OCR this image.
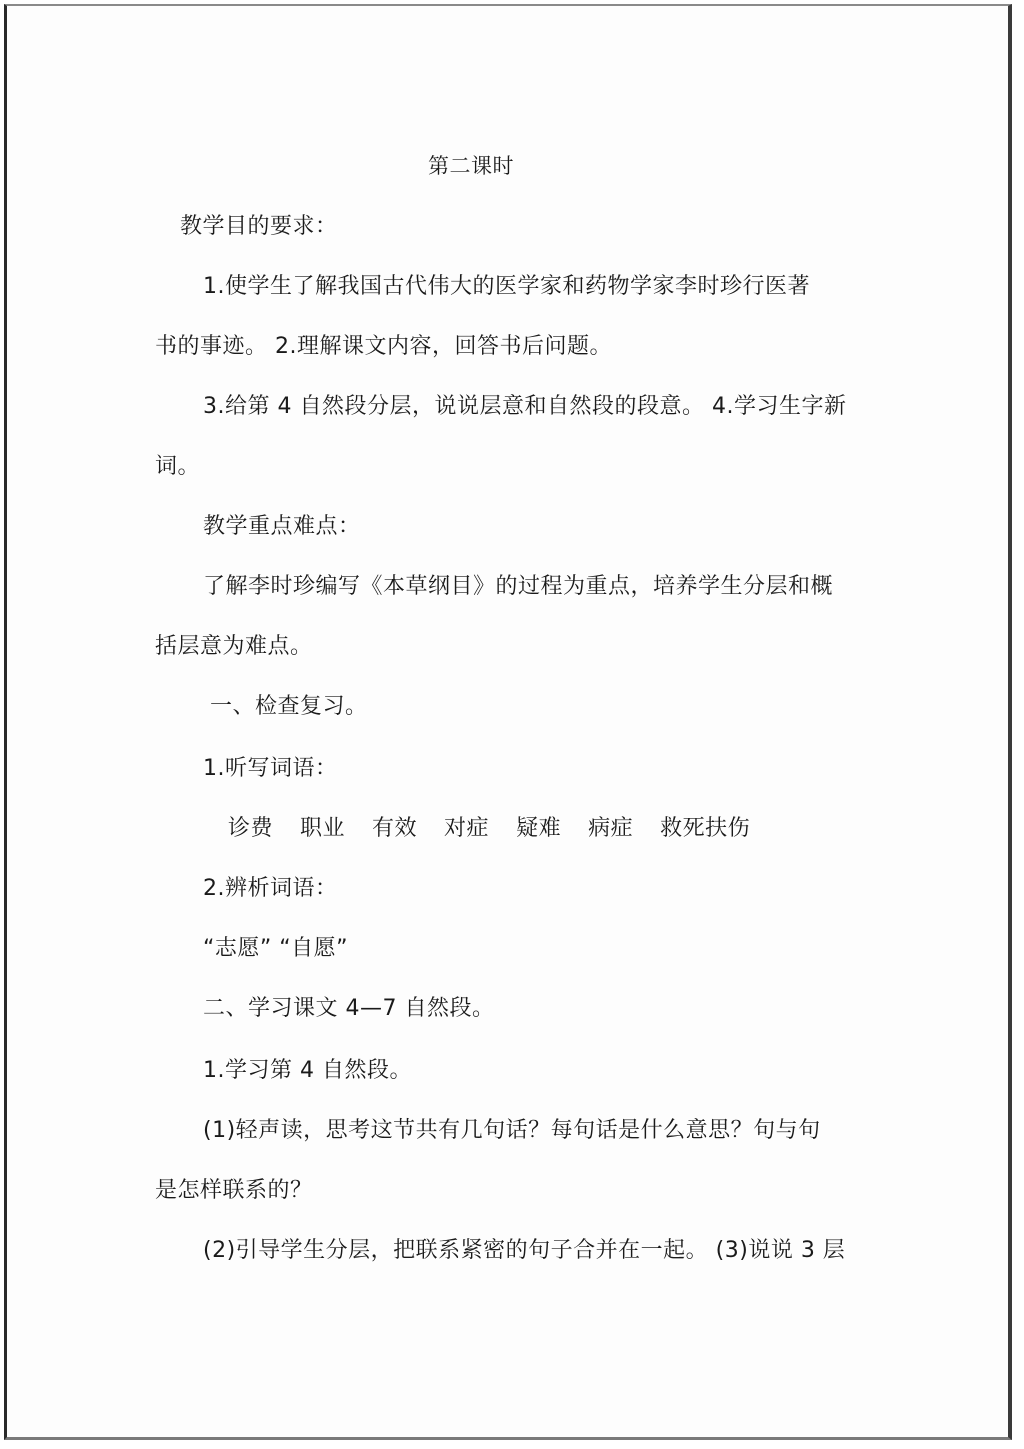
第二课时
教学目的要求：
1.使学生了解我国古代伟大的医学家和药物学家李时珍行医著
书的事迹。 2.理解课文内容，回答书后问题。
3.给第 4 自然段分层，说说层意和自然段的段意。 4.学习生字新
词。
教学重点难点：
了解李时珍编写《本草纲目》的过程为重点，培养学生分层和概
括层意为难点。
一、检查复习。
1.听写词语：
诊费 职业 有效 对症 疑难 病症 救死扶伤
2.辨析词语：
“志愿” “自愿”
二、学习课文 4—7 自然段。
1.学习第 4 自然段。
(1)轻声读，思考这节共有几句话？每句话是什么意思？句与句
是怎样联系的？
(2)引导学生分层，把联系紧密的句子合并在一起。 (3)说说 3 层
